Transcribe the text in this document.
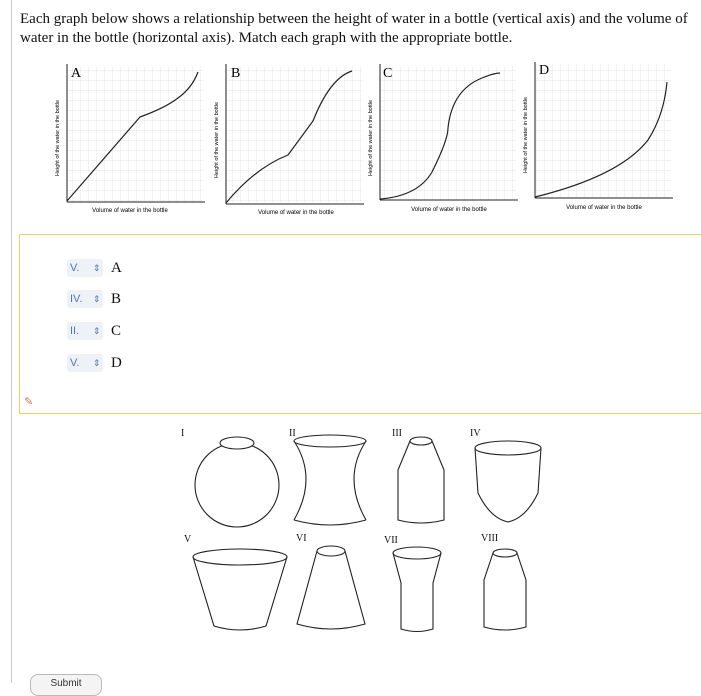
Each graph below shows a relationship between the height of water in a bottle (vertical axis) and the volume of water in the bottle (horizontal axis). Match each graph with the appropriate bottle.
A
Volume of water in the bottle
Height of the water in the bottle
B
Volume of water in the bottle
Height of the water in the bottle
C
Volume of water in the bottle
Height of the water in the bottle
D
Volume of water in the bottle
Height of the water in the bottle
V.	⇕ A
IV.	⇕ B
II.	⇕ C
V.	⇕ D
✎
I	II	III	IV
V	VI	VII	VIII
Submit
